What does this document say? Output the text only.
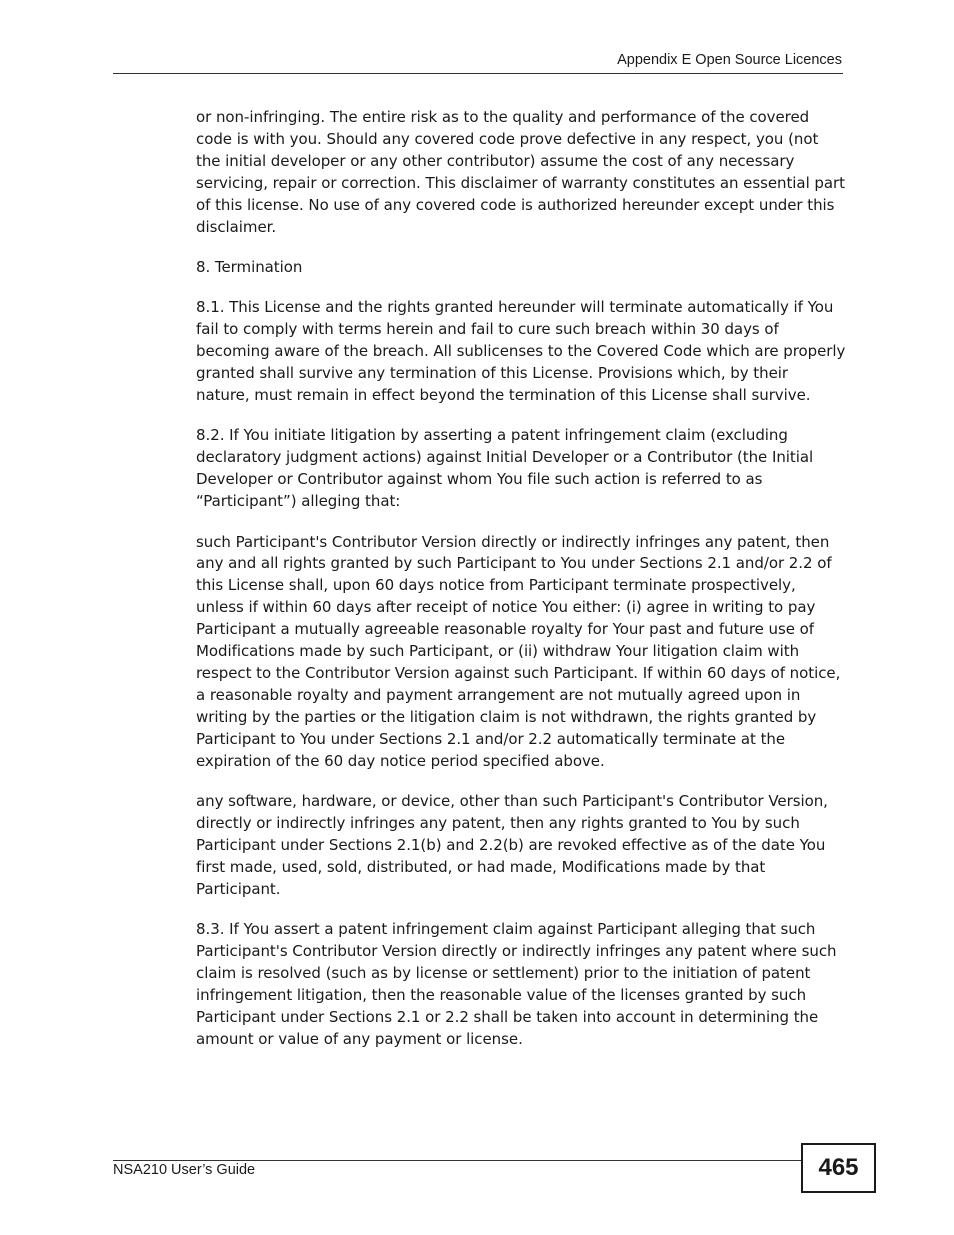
Appendix E Open Source Licences

or non-infringing. The entire risk as to the quality and performance of the covered code is with you. Should any covered code prove defective in any respect, you (not the initial developer or any other contributor) assume the cost of any necessary servicing, repair or correction. This disclaimer of warranty constitutes an essential part of this license. No use of any covered code is authorized hereunder except under this disclaimer.

8. Termination

8.1. This License and the rights granted hereunder will terminate automatically if You fail to comply with terms herein and fail to cure such breach within 30 days of becoming aware of the breach. All sublicenses to the Covered Code which are properly granted shall survive any termination of this License. Provisions which, by their nature, must remain in effect beyond the termination of this License shall survive.

8.2. If You initiate litigation by asserting a patent infringement claim (excluding declaratory judgment actions) against Initial Developer or a Contributor (the Initial Developer or Contributor against whom You file such action is referred to as “Participant”) alleging that:

such Participant's Contributor Version directly or indirectly infringes any patent, then any and all rights granted by such Participant to You under Sections 2.1 and/or 2.2 of this License shall, upon 60 days notice from Participant terminate prospectively, unless if within 60 days after receipt of notice You either: (i) agree in writing to pay Participant a mutually agreeable reasonable royalty for Your past and future use of Modifications made by such Participant, or (ii) withdraw Your litigation claim with respect to the Contributor Version against such Participant. If within 60 days of notice, a reasonable royalty and payment arrangement are not mutually agreed upon in writing by the parties or the litigation claim is not withdrawn, the rights granted by Participant to You under Sections 2.1 and/or 2.2 automatically terminate at the expiration of the 60 day notice period specified above.

any software, hardware, or device, other than such Participant's Contributor Version, directly or indirectly infringes any patent, then any rights granted to You by such Participant under Sections 2.1(b) and 2.2(b) are revoked effective as of the date You first made, used, sold, distributed, or had made, Modifications made by that Participant.

8.3. If You assert a patent infringement claim against Participant alleging that such Participant's Contributor Version directly or indirectly infringes any patent where such claim is resolved (such as by license or settlement) prior to the initiation of patent infringement litigation, then the reasonable value of the licenses granted by such Participant under Sections 2.1 or 2.2 shall be taken into account in determining the amount or value of any payment or license.

NSA210 User’s Guide	465
